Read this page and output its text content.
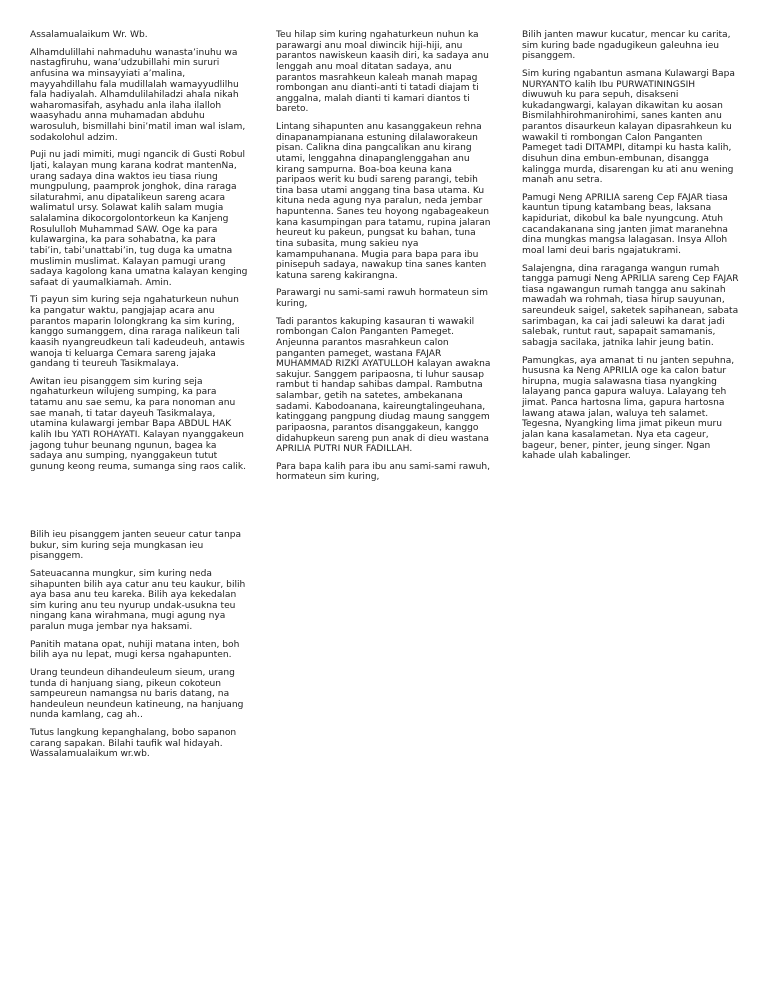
Assalamualaikum Wr. Wb.

Alhamdulillahi nahmaduhu wanasta’inuhu wa
nastagfiruhu, wana’udzubillahi min sururi
anfusina wa minsayyiati a’malina,
mayyahdillahu fala mudillalah wamayyudlilhu
fala hadiyalah. Alhamdulilahiladzi ahala nikah
waharomasifah, asyhadu anla ilaha ilalloh
waasyhadu anna muhamadan abduhu
warosuluh, bismillahi bini’matil iman wal islam,
sodakolohul adzim.

Puji nu jadi mimiti, mugi ngancik di Gusti Robul
Ijati, kalayan mung karana kodrat mantenNa,
urang sadaya dina waktos ieu tiasa riung
mungpulung, paamprok jonghok, dina raraga
silaturahmi, anu dipatalikeun sareng acara
walimatul ursy. Solawat kalih salam mugia
salalamina dikocorgolontorkeun ka Kanjeng
Rosululloh Muhammad SAW. Oge ka para
kulawargina, ka para sohabatna, ka para
tabi’in, tabi’unattabi’in, tug duga ka umatna
muslimin muslimat. Kalayan pamugi urang
sadaya kagolong kana umatna kalayan kenging
safaat di yaumalkiamah. Amin.

Ti payun sim kuring seja ngahaturkeun nuhun
ka pangatur waktu, pangjajap acara anu
parantos maparin lolongkrang ka sim kuring,
kanggo sumanggem, dina raraga nalikeun tali
kaasih nyangreudkeun tali kadeudeuh, antawis
wanoja ti keluarga Cemara sareng jajaka
gandang ti teureuh Tasikmalaya.

Awitan ieu pisanggem sim kuring seja
ngahaturkeun wilujeng sumping, ka para
tatamu anu sae semu, ka para nonoman anu
sae manah, ti tatar dayeuh Tasikmalaya,
utamina kulawargi jembar Bapa ABDUL HAK
kalih Ibu YATI ROHAYATI. Kalayan nyanggakeun
jagong tuhur beunang ngunun, bagea ka
sadaya anu sumping, nyanggakeun tutut
gunung keong reuma, sumanga sing raos calik.

Teu hilap sim kuring ngahaturkeun nuhun ka
parawargi anu moal diwincik hiji-hiji, anu
parantos nawiskeun kaasih diri, ka sadaya anu
lenggah anu moal ditatan sadaya, anu
parantos masrahkeun kaleah manah mapag
rombongan anu dianti-anti ti tatadi diajam ti
anggalna, malah dianti ti kamari diantos ti
bareto.

Lintang sihapunten anu kasanggakeun rehna
dinapanampianana estuning dilalaworakeun
pisan. Calikna dina pangcalikan anu kirang
utami, lenggahna dinapanglenggahan anu
kirang sampurna. Boa-boa keuna kana
paripaos werit ku budi sareng parangi, tebih
tina basa utami anggang tina basa utama. Ku
kituna neda agung nya paralun, neda jembar
hapuntenna. Sanes teu hoyong ngabageakeun
kana kasumpingan para tatamu, rupina jalaran
heureut ku pakeun, pungsat ku bahan, tuna
tina subasita, mung sakieu nya
kamampuhanana. Mugia para bapa para ibu
pinisepuh sadaya, nawakup tina sanes kanten
katuna sareng kakirangna.

Parawargi nu sami-sami rawuh hormateun sim
kuring,

Tadi parantos kakuping kasauran ti wawakil
rombongan Calon Panganten Pameget.
Anjeunna parantos masrahkeun calon
panganten pameget, wastana FAJAR
MUHAMMAD RIZKI AYATULLOH kalayan awakna
sakujur. Sanggem paripaosna, ti luhur sausap
rambut ti handap sahibas dampal. Rambutna
salambar, getih na satetes, ambekanana
sadami. Kabodoanana, kaireungtalingeuhana,
katinggang pangpung diudag maung sanggem
paripaosna, parantos disanggakeun, kanggo
didahupkeun sareng pun anak di dieu wastana
APRILIA PUTRI NUR FADILLAH.

Para bapa kalih para ibu anu sami-sami rawuh,
hormateun sim kuring,

Bilih janten mawur kucatur, mencar ku carita,
sim kuring bade ngadugikeun galeuhna ieu
pisanggem.

Sim kuring ngabantun asmana Kulawargi Bapa
NURYANTO kalih Ibu PURWATININGSIH
diwuwuh ku para sepuh, disakseni
kukadangwargi, kalayan dikawitan ku aosan
Bismilahhirohmanirohimi, sanes kanten anu
parantos disaurkeun kalayan dipasrahkeun ku
wawakil ti rombongan Calon Panganten
Pameget tadi DITAMPI, ditampi ku hasta kalih,
disuhun dina embun-embunan, disangga
kalingga murda, disarengan ku ati anu wening
manah anu setra.

Pamugi Neng APRILIA sareng Cep FAJAR tiasa
kauntun tipung katambang beas, laksana
kapiduriat, dikobul ka bale nyungcung. Atuh
cacandakanana sing janten jimat maranehna
dina mungkas mangsa lalagasan. Insya Alloh
moal lami deui baris ngajatukrami.

Salajengna, dina raraganga wangun rumah
tangga pamugi Neng APRILIA sareng Cep FAJAR
tiasa ngawangun rumah tangga anu sakinah
mawadah wa rohmah, tiasa hirup sauyunan,
sareundeuk saigel, saketek sapihanean, sabata
sarimbagan, ka cai jadi saleuwi ka darat jadi
salebak, runtut raut, sapapait samamanis,
sabagja sacilaka, jatnika lahir jeung batin.

Pamungkas, aya amanat ti nu janten sepuhna,
hususna ka Neng APRILIA oge ka calon batur
hirupna, mugia salawasna tiasa nyangking
lalayang panca gapura waluya. Lalayang teh
jimat. Panca hartosna lima, gapura hartosna
lawang atawa jalan, waluya teh salamet.
Tegesna, Nyangking lima jimat pikeun muru
jalan kana kasalametan. Nya eta cageur,
bageur, bener, pinter, jeung singer. Ngan
kahade ulah kabalinger.

Bilih ieu pisanggem janten seueur catur tanpa
bukur, sim kuring seja mungkasan ieu
pisanggem.

Sateuacanna mungkur, sim kuring neda
sihapunten bilih aya catur anu teu kaukur, bilih
aya basa anu teu kareka. Bilih aya kekedalan
sim kuring anu teu nyurup undak-usukna teu
ningang kana wirahmana, mugi agung nya
paralun muga jembar nya haksami.

Panitih matana opat, nuhiji matana inten, boh
bilih aya nu lepat, mugi kersa ngahapunten.

Urang teundeun dihandeuleum sieum, urang
tunda di hanjuang siang, pikeun cokoteun
sampeureun namangsa nu baris datang, na
handeuleun neundeun katineung, na hanjuang
nunda kamlang, cag ah..

Tutus langkung kepanghalang, bobo sapanon
carang sapakan. Bilahi taufik wal hidayah.
Wassalamualaikum wr.wb.
